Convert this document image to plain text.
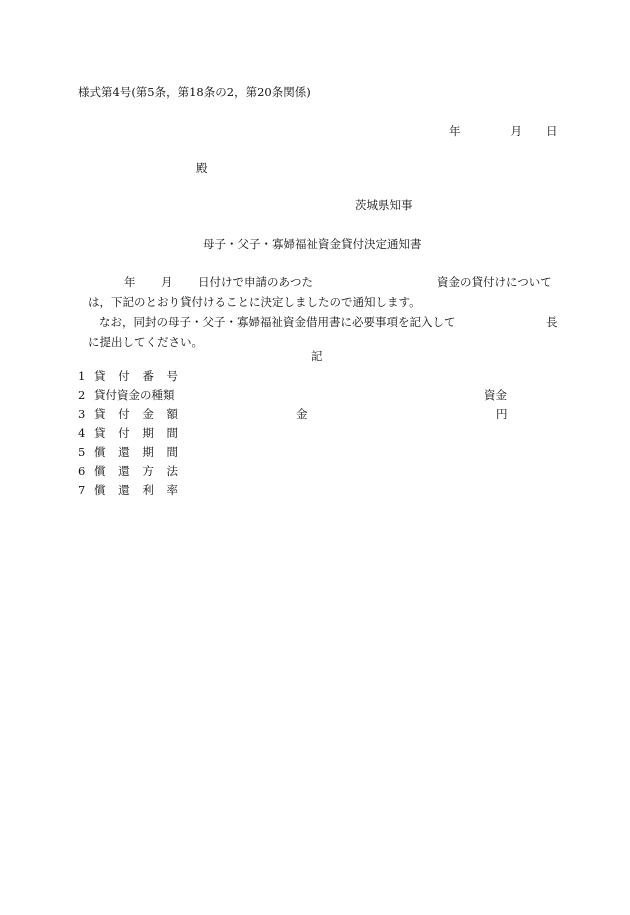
様式第4号(第5条，第18条の2，第20条関係)
年	月 日
殿
茨城県知事
母子・父子・寡婦福祉資金貸付決定通知書
年 月 日付けで申請のあつた	資金の貸付けについて
は，下記のとおり貸付けることに決定しましたので通知します。
なお，同封の母子・父子・寡婦福祉資金借用書に必要事項を記入して	長
に提出してください。
記
1 貸 付 番 号
2 貸付資金の種類	資金
3 貸 付 金 額	金	円
4 貸 付 期 間
5 償 還 期 間
6 償 還 方 法
7 償 還 利 率
